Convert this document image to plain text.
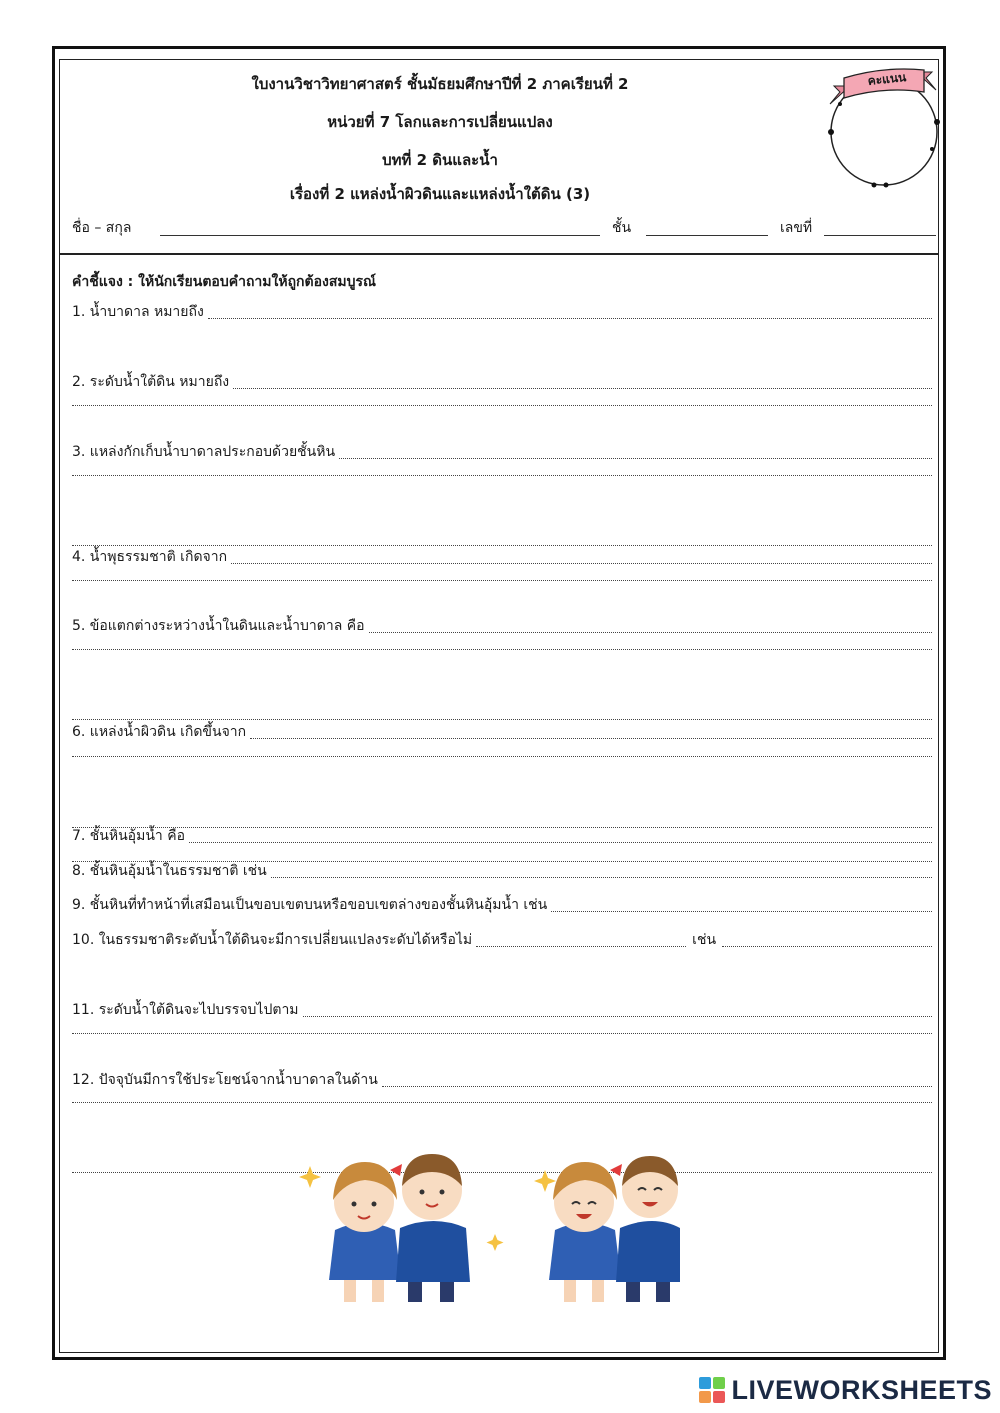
ใบงานวิชาวิทยาศาสตร์ ชั้นมัธยมศึกษาปีที่ 2 ภาคเรียนที่ 2
หน่วยที่ 7 โลกและการเปลี่ยนแปลง
บทที่ 2 ดินและน้ำ
เรื่องที่ 2 แหล่งน้ำผิวดินและแหล่งน้ำใต้ดิน (3)
ชื่อ – สกุล	ชั้น	เลขที่
คะแนน
คำชี้แจง : ให้นักเรียนตอบคำถามให้ถูกต้องสมบูรณ์
1. น้ำบาดาล หมายถึง
2. ระดับน้ำใต้ดิน หมายถึง
3. แหล่งกักเก็บน้ำบาดาลประกอบด้วยชั้นหิน
4. น้ำพุธรรมชาติ เกิดจาก
5. ข้อแตกต่างระหว่างน้ำในดินและน้ำบาดาล คือ
6. แหล่งน้ำผิวดิน เกิดขึ้นจาก
7. ชั้นหินอุ้มน้ำ คือ
8. ชั้นหินอุ้มน้ำในธรรมชาติ เช่น
9. ชั้นหินที่ทำหน้าที่เสมือนเป็นขอบเขตบนหรือขอบเขตล่างของชั้นหินอุ้มน้ำ เช่น
10. ในธรรมชาติระดับน้ำใต้ดินจะมีการเปลี่ยนแปลงระดับได้หรือไม่	เช่น
11. ระดับน้ำใต้ดินจะไปบรรจบไปตาม
12. ปัจจุบันมีการใช้ประโยชน์จากน้ำบาดาลในด้าน
LIVEWORKSHEETS
